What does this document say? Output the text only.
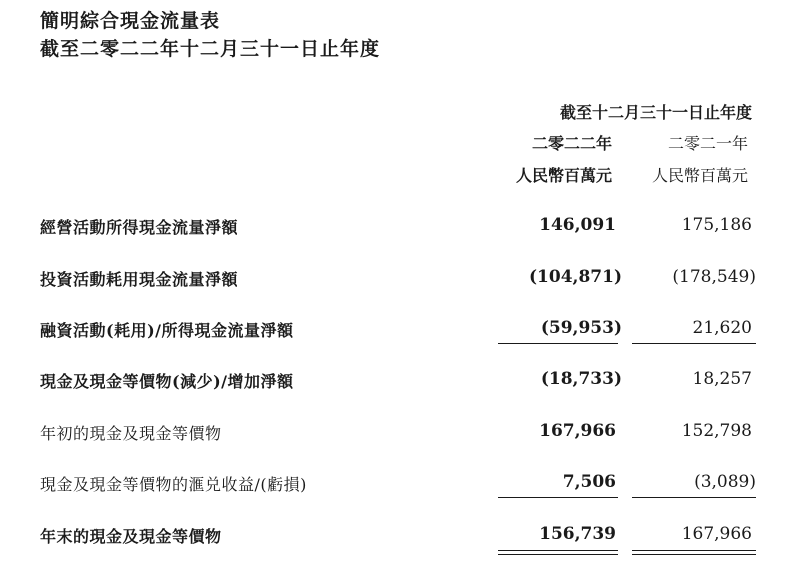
簡明綜合現金流量表
截至二零二二年十二月三十一日止年度
截至十二月三十一日止年度
二零二二年	二零二一年
人民幣百萬元 人民幣百萬元
經營活動所得現金流量淨額	146,091	175,186
投資活動耗用現金流量淨額	(104,871)	(178,549)
融資活動(耗用)/所得現金流量淨額	(59,953)	21,620
現金及現金等價物(減少)/增加淨額	(18,733)	18,257
年初的現金及現金等價物	167,966	152,798
現金及現金等價物的滙兑收益/(虧損)	7,506	(3,089)
年末的現金及現金等價物	156,739	167,966
